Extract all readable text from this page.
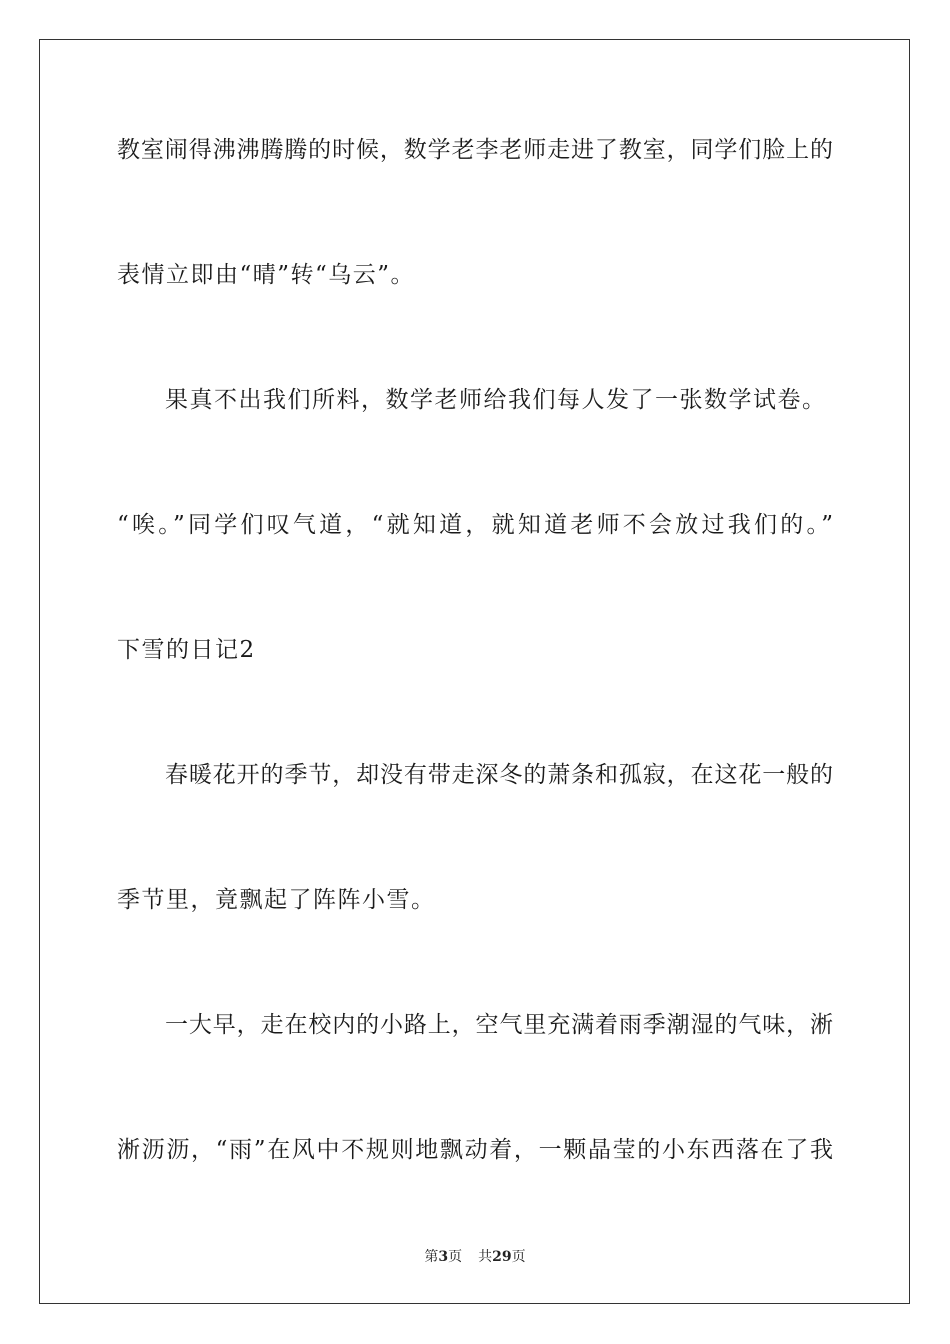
教室闹得沸沸腾腾的时候，数学老李老师走进了教室，同学们脸上的
表情立即由“晴”转“乌云”。
果真不出我们所料，数学老师给我们每人发了一张数学试卷。
“唉。”同学们叹气道，“就知道，就知道老师不会放过我们的。”
下雪的日记2
春暖花开的季节，却没有带走深冬的萧条和孤寂，在这花一般的
季节里，竟飘起了阵阵小雪。
一大早，走在校内的小路上，空气里充满着雨季潮湿的气味，淅
淅沥沥，“雨”在风中不规则地飘动着，一颗晶莹的小东西落在了我
第3页 共29页
